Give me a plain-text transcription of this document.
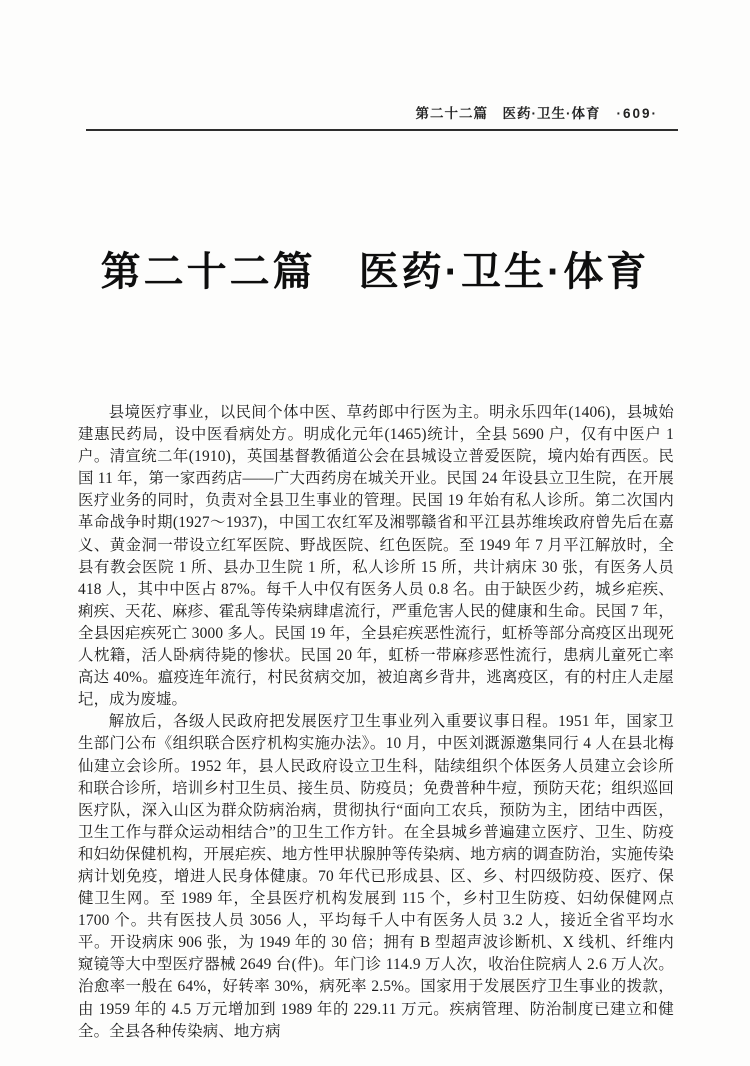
第二十二篇　医药·卫生·体育 ·609·
第二十二篇　医药·卫生·体育

县境医疗事业，以民间个体中医、草药郎中行医为主。明永乐四年(1406)，县城始建惠民药局，设中医看病处方。明成化元年(1465)统计，全县 5690 户，仅有中医户 1 户。清宣统二年(1910)，英国基督教循道公会在县城设立普爱医院，境内始有西医。民国 11 年，第一家西药店——广大西药房在城关开业。民国 24 年设县立卫生院，在开展医疗业务的同时，负责对全县卫生事业的管理。民国 19 年始有私人诊所。第二次国内革命战争时期(1927～1937)，中国工农红军及湘鄂赣省和平江县苏维埃政府曾先后在嘉义、黄金洞一带设立红军医院、野战医院、红色医院。至 1949 年 7 月平江解放时，全县有教会医院 1 所、县办卫生院 1 所，私人诊所 15 所，共计病床 30 张，有医务人员 418 人，其中中医占 87%。每千人中仅有医务人员 0.8 名。由于缺医少药，城乡疟疾、痢疾、天花、麻疹、霍乱等传染病肆虐流行，严重危害人民的健康和生命。民国 7 年，全县因疟疾死亡 3000 多人。民国 19 年，全县疟疾恶性流行，虹桥等部分高疫区出现死人枕籍，活人卧病待毙的惨状。民国 20 年，虹桥一带麻疹恶性流行，患病儿童死亡率高达 40%。瘟疫连年流行，村民贫病交加，被迫离乡背井，逃离疫区，有的村庄人走屋圮，成为废墟。

解放后，各级人民政府把发展医疗卫生事业列入重要议事日程。1951 年，国家卫生部门公布《组织联合医疗机构实施办法》。10 月，中医刘溉源邀集同行 4 人在县北梅仙建立会诊所。1952 年，县人民政府设立卫生科，陆续组织个体医务人员建立会诊所和联合诊所，培训乡村卫生员、接生员、防疫员；免费普种牛痘，预防天花；组织巡回医疗队，深入山区为群众防病治病，贯彻执行“面向工农兵，预防为主，团结中西医，卫生工作与群众运动相结合”的卫生工作方针。在全县城乡普遍建立医疗、卫生、防疫和妇幼保健机构，开展疟疾、地方性甲状腺肿等传染病、地方病的调查防治，实施传染病计划免疫，增进人民身体健康。70 年代已形成县、区、乡、村四级防疫、医疗、保健卫生网。至 1989 年，全县医疗机构发展到 115 个，乡村卫生防疫、妇幼保健网点 1700 个。共有医技人员 3056 人，平均每千人中有医务人员 3.2 人，接近全省平均水平。开设病床 906 张，为 1949 年的 30 倍；拥有 B 型超声波诊断机、X 线机、纤维内窥镜等大中型医疗器械 2649 台(件)。年门诊 114.9 万人次，收治住院病人 2.6 万人次。治愈率一般在 64%，好转率 30%，病死率 2.5%。国家用于发展医疗卫生事业的拨款，由 1959 年的 4.5 万元增加到 1989 年的 229.11 万元。疾病管理、防治制度已建立和健全。全县各种传染病、地方病
